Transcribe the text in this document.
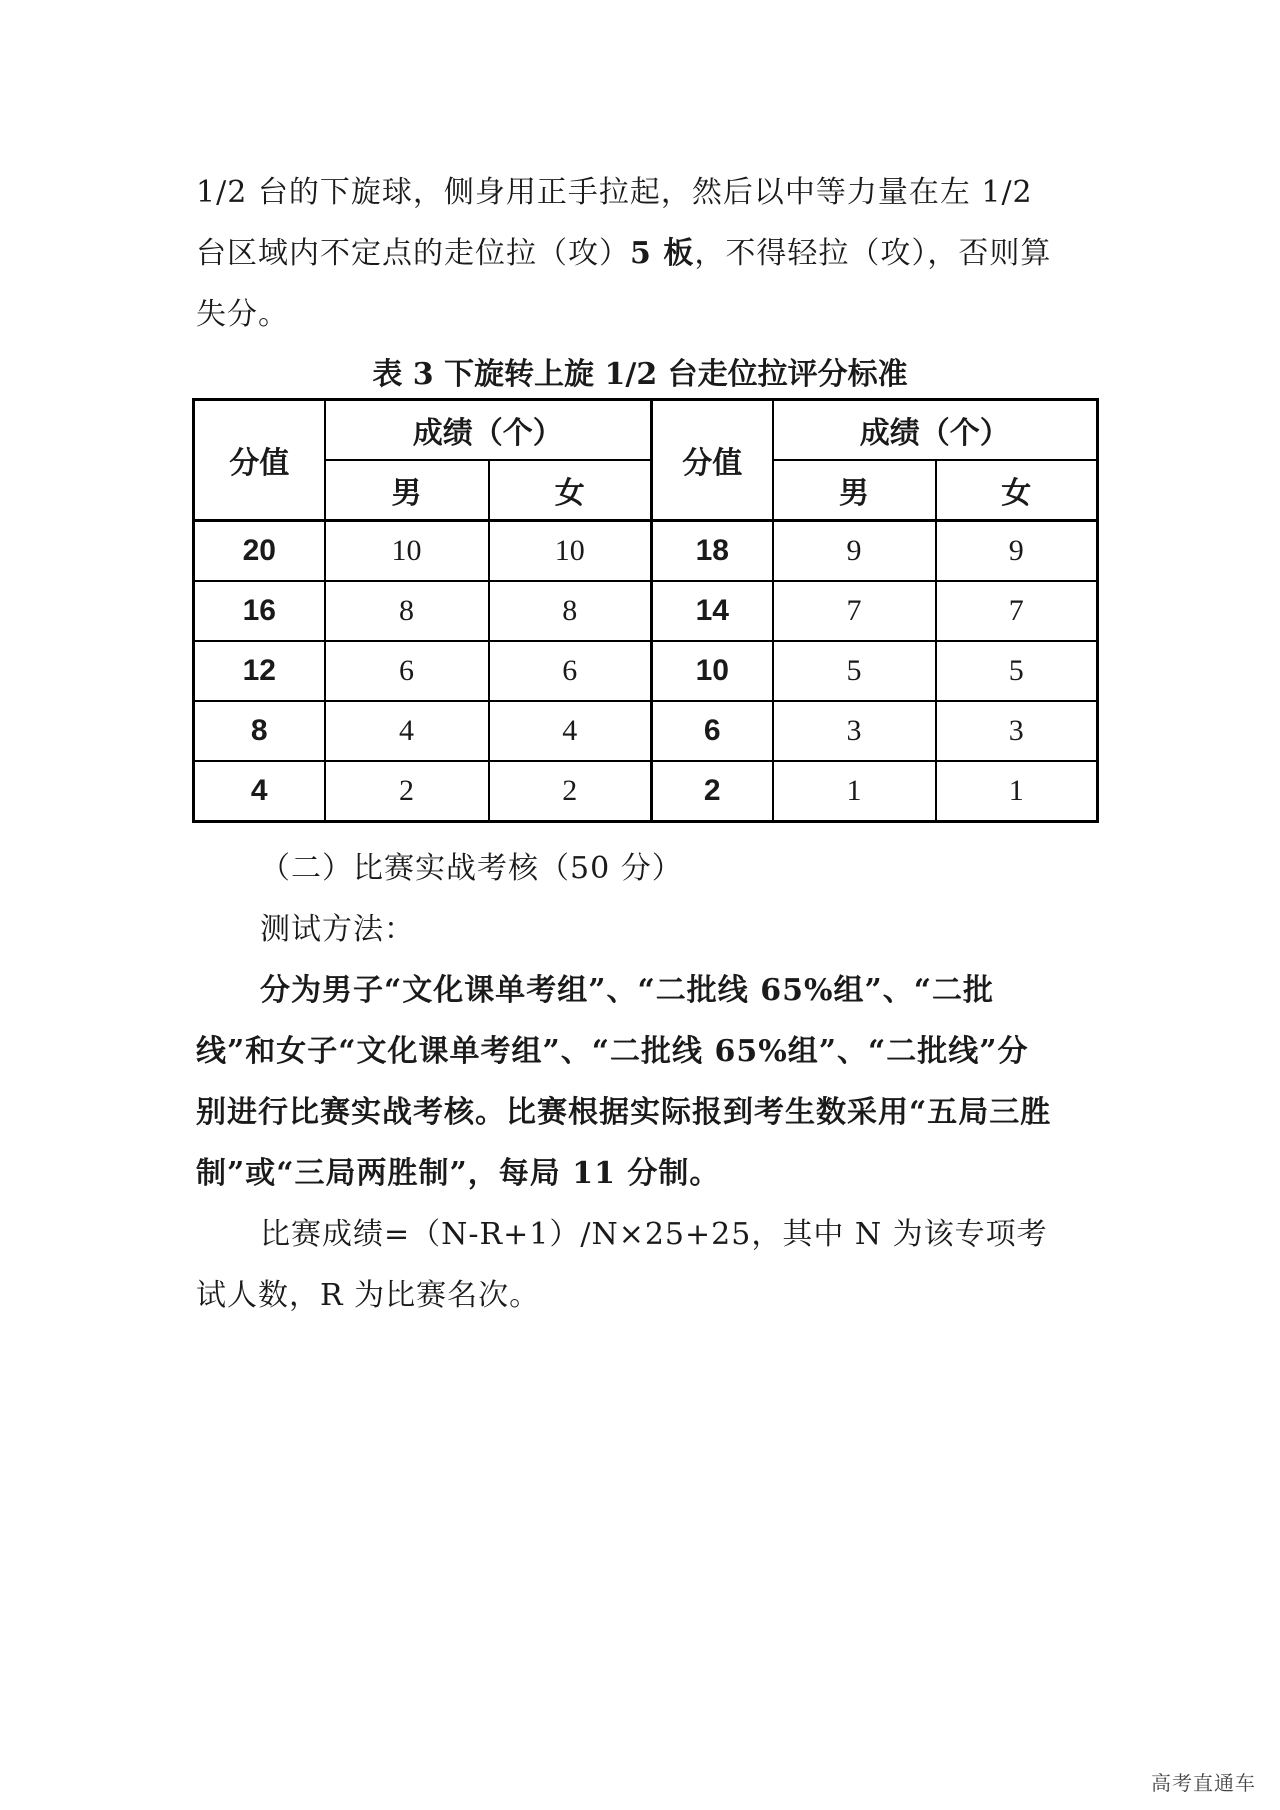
1/2 台的下旋球，侧身用正手拉起，然后以中等力量在左 1/2 台区域内不定点的走位拉（攻）5 板，不得轻拉（攻），否则算失分。

表 3 下旋转上旋 1/2 台走位拉评分标准

分值	成绩（个）		分值	成绩（个）	
	男	女		男	女
20	10	10	18	9	9
16	8	8	14	7	7
12	6	6	10	5	5
8	4	4	6	3	3
4	2	2	2	1	1

（二）比赛实战考核（50 分）

测试方法：

分为男子“文化课单考组”、“二批线 65%组”、“二批线”和女子“文化课单考组”、“二批线 65%组”、“二批线”分别进行比赛实战考核。比赛根据实际报到考生数采用“五局三胜制”或“三局两胜制”，每局 11 分制。

比赛成绩=（N-R+1）/N×25+25，其中 N 为该专项考试人数，R 为比赛名次。

高考直通车
